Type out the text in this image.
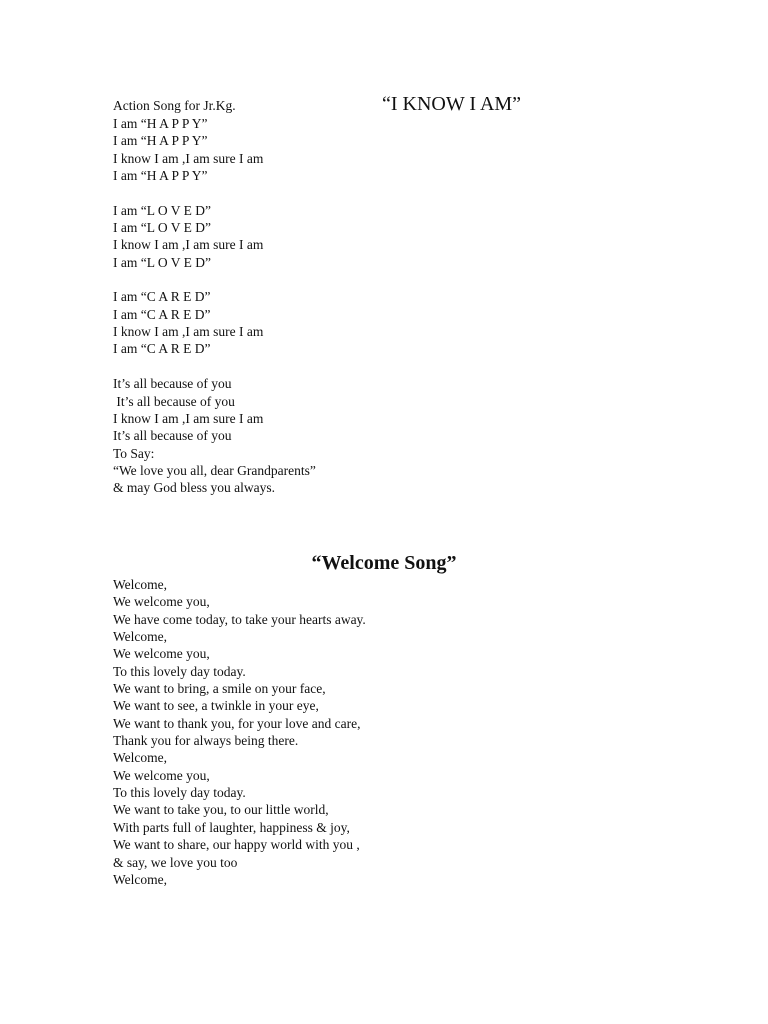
Action Song for Jr.Kg.	“I KNOW I AM”
I am “H A P P Y”
I am “H A P P Y”
I know I am ,I am sure I am
I am “H A P P Y”
I am “L O V E D”
I am “L O V E D”
I know I am ,I am sure I am
I am “L O V E D”
I am “C A R E D”
I am “C A R E D”
I know I am ,I am sure I am
I am “C A R E D”
It’s all because of you
It’s all because of you
I know I am ,I am sure I am
It’s all because of you
To Say:
“We love you all, dear Grandparents”
& may God bless you always.
“Welcome Song”
Welcome,
We welcome you,
We have come today, to take your hearts away.
Welcome,
We welcome you,
To this lovely day today.
We want to bring, a smile on your face,
We want to see, a twinkle in your eye,
We want to thank you, for your love and care,
Thank you for always being there.
Welcome,
We welcome you,
To this lovely day today.
We want to take you, to our little world,
With parts full of laughter, happiness & joy,
We want to share, our happy world with you ,
& say, we love you too
Welcome,
